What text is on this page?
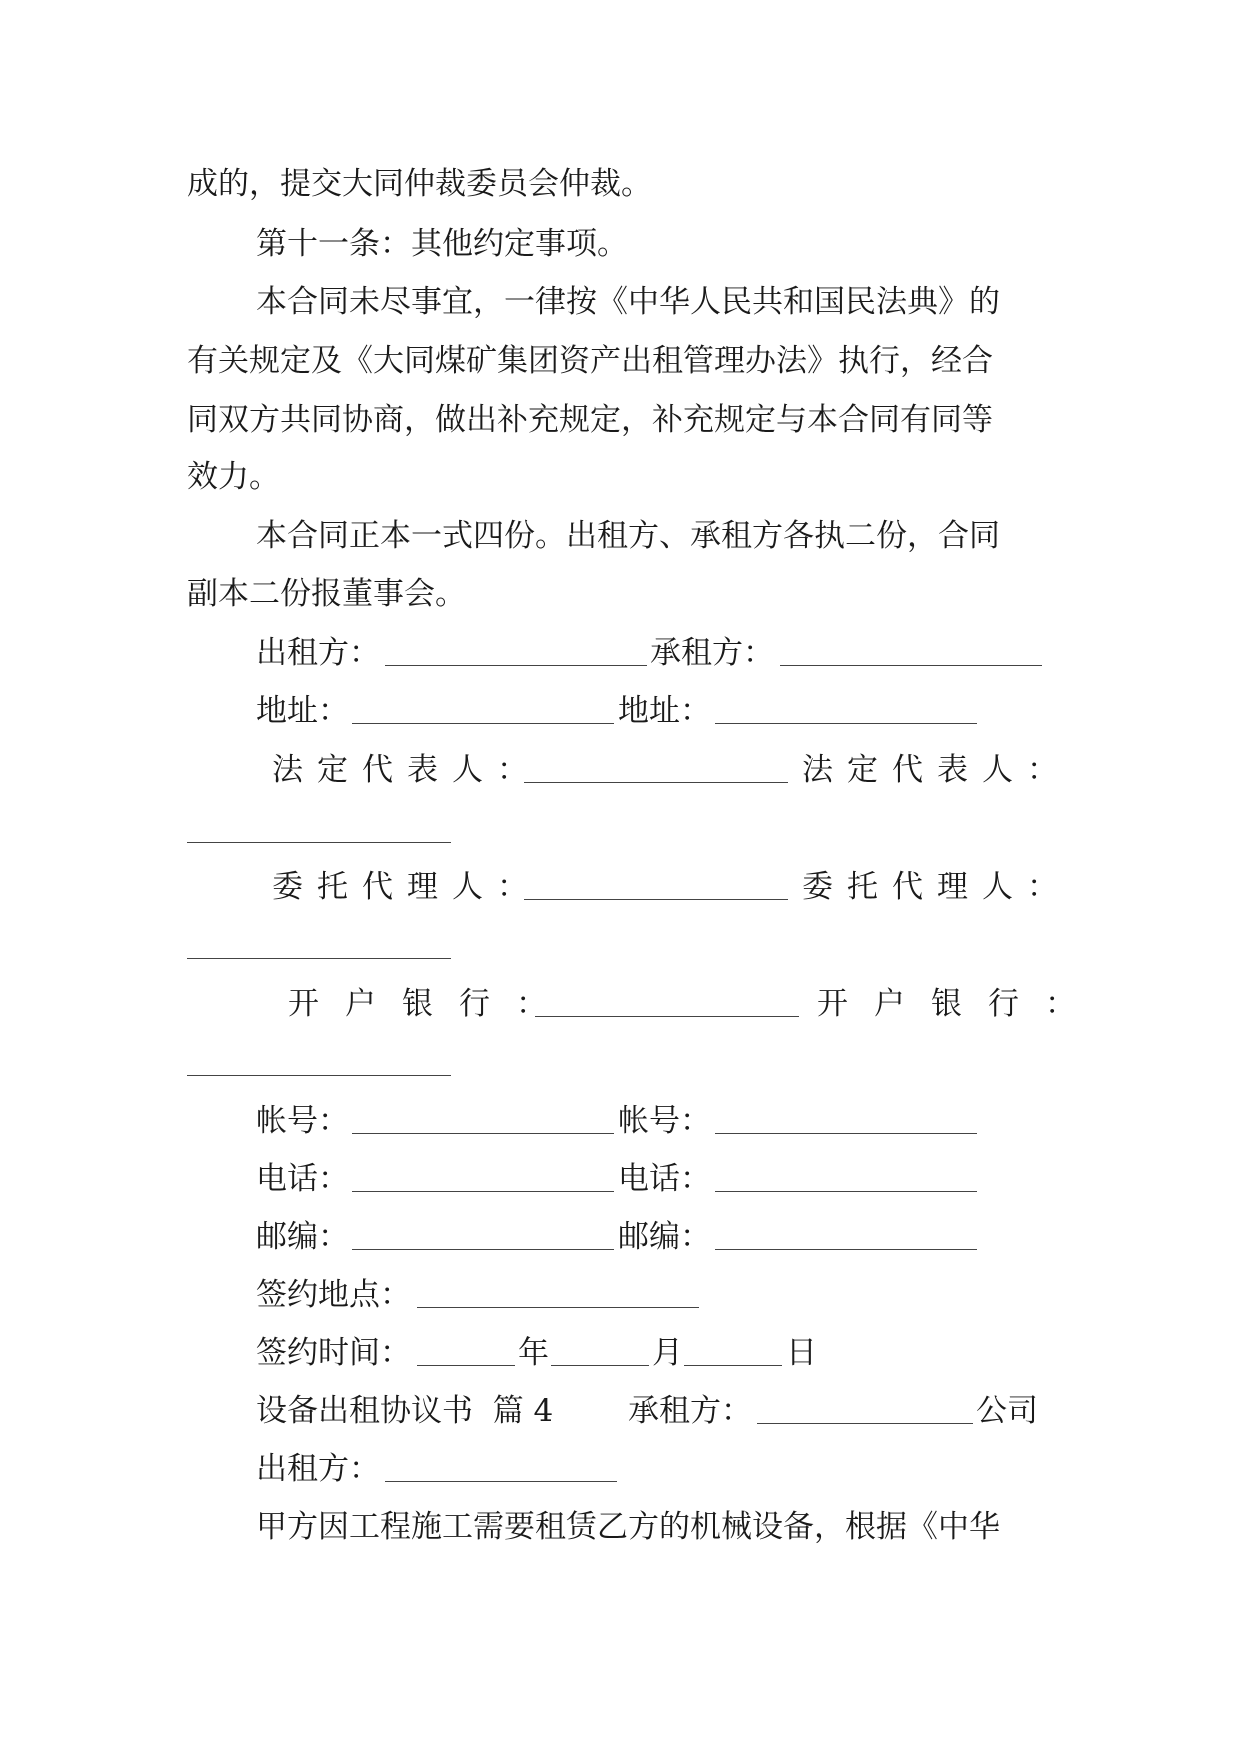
成的，提交大同仲裁委员会仲裁。
第十一条：其他约定事项。
本合同未尽事宜，一律按《中华人民共和国民法典》的
有关规定及《大同煤矿集团资产出租管理办法》执行，经合
同双方共同协商，做出补充规定，补充规定与本合同有同等
效力。
本合同正本一式四份。出租方、承租方各执二份，合同
副本二份报董事会。
出租方：	承租方：
地址：	地址：
法定代表人：	法定代表人：
委托代理人：	委托代理人：
开户银行：	开户银行：
帐号：	帐号：
电话：	电话：
邮编：	邮编：
签约地点：
签约时间：	年	月	日
设备出租协议书  篇 4 承租方：	公司
出租方：
甲方因工程施工需要租赁乙方的机械设备，根据《中华
